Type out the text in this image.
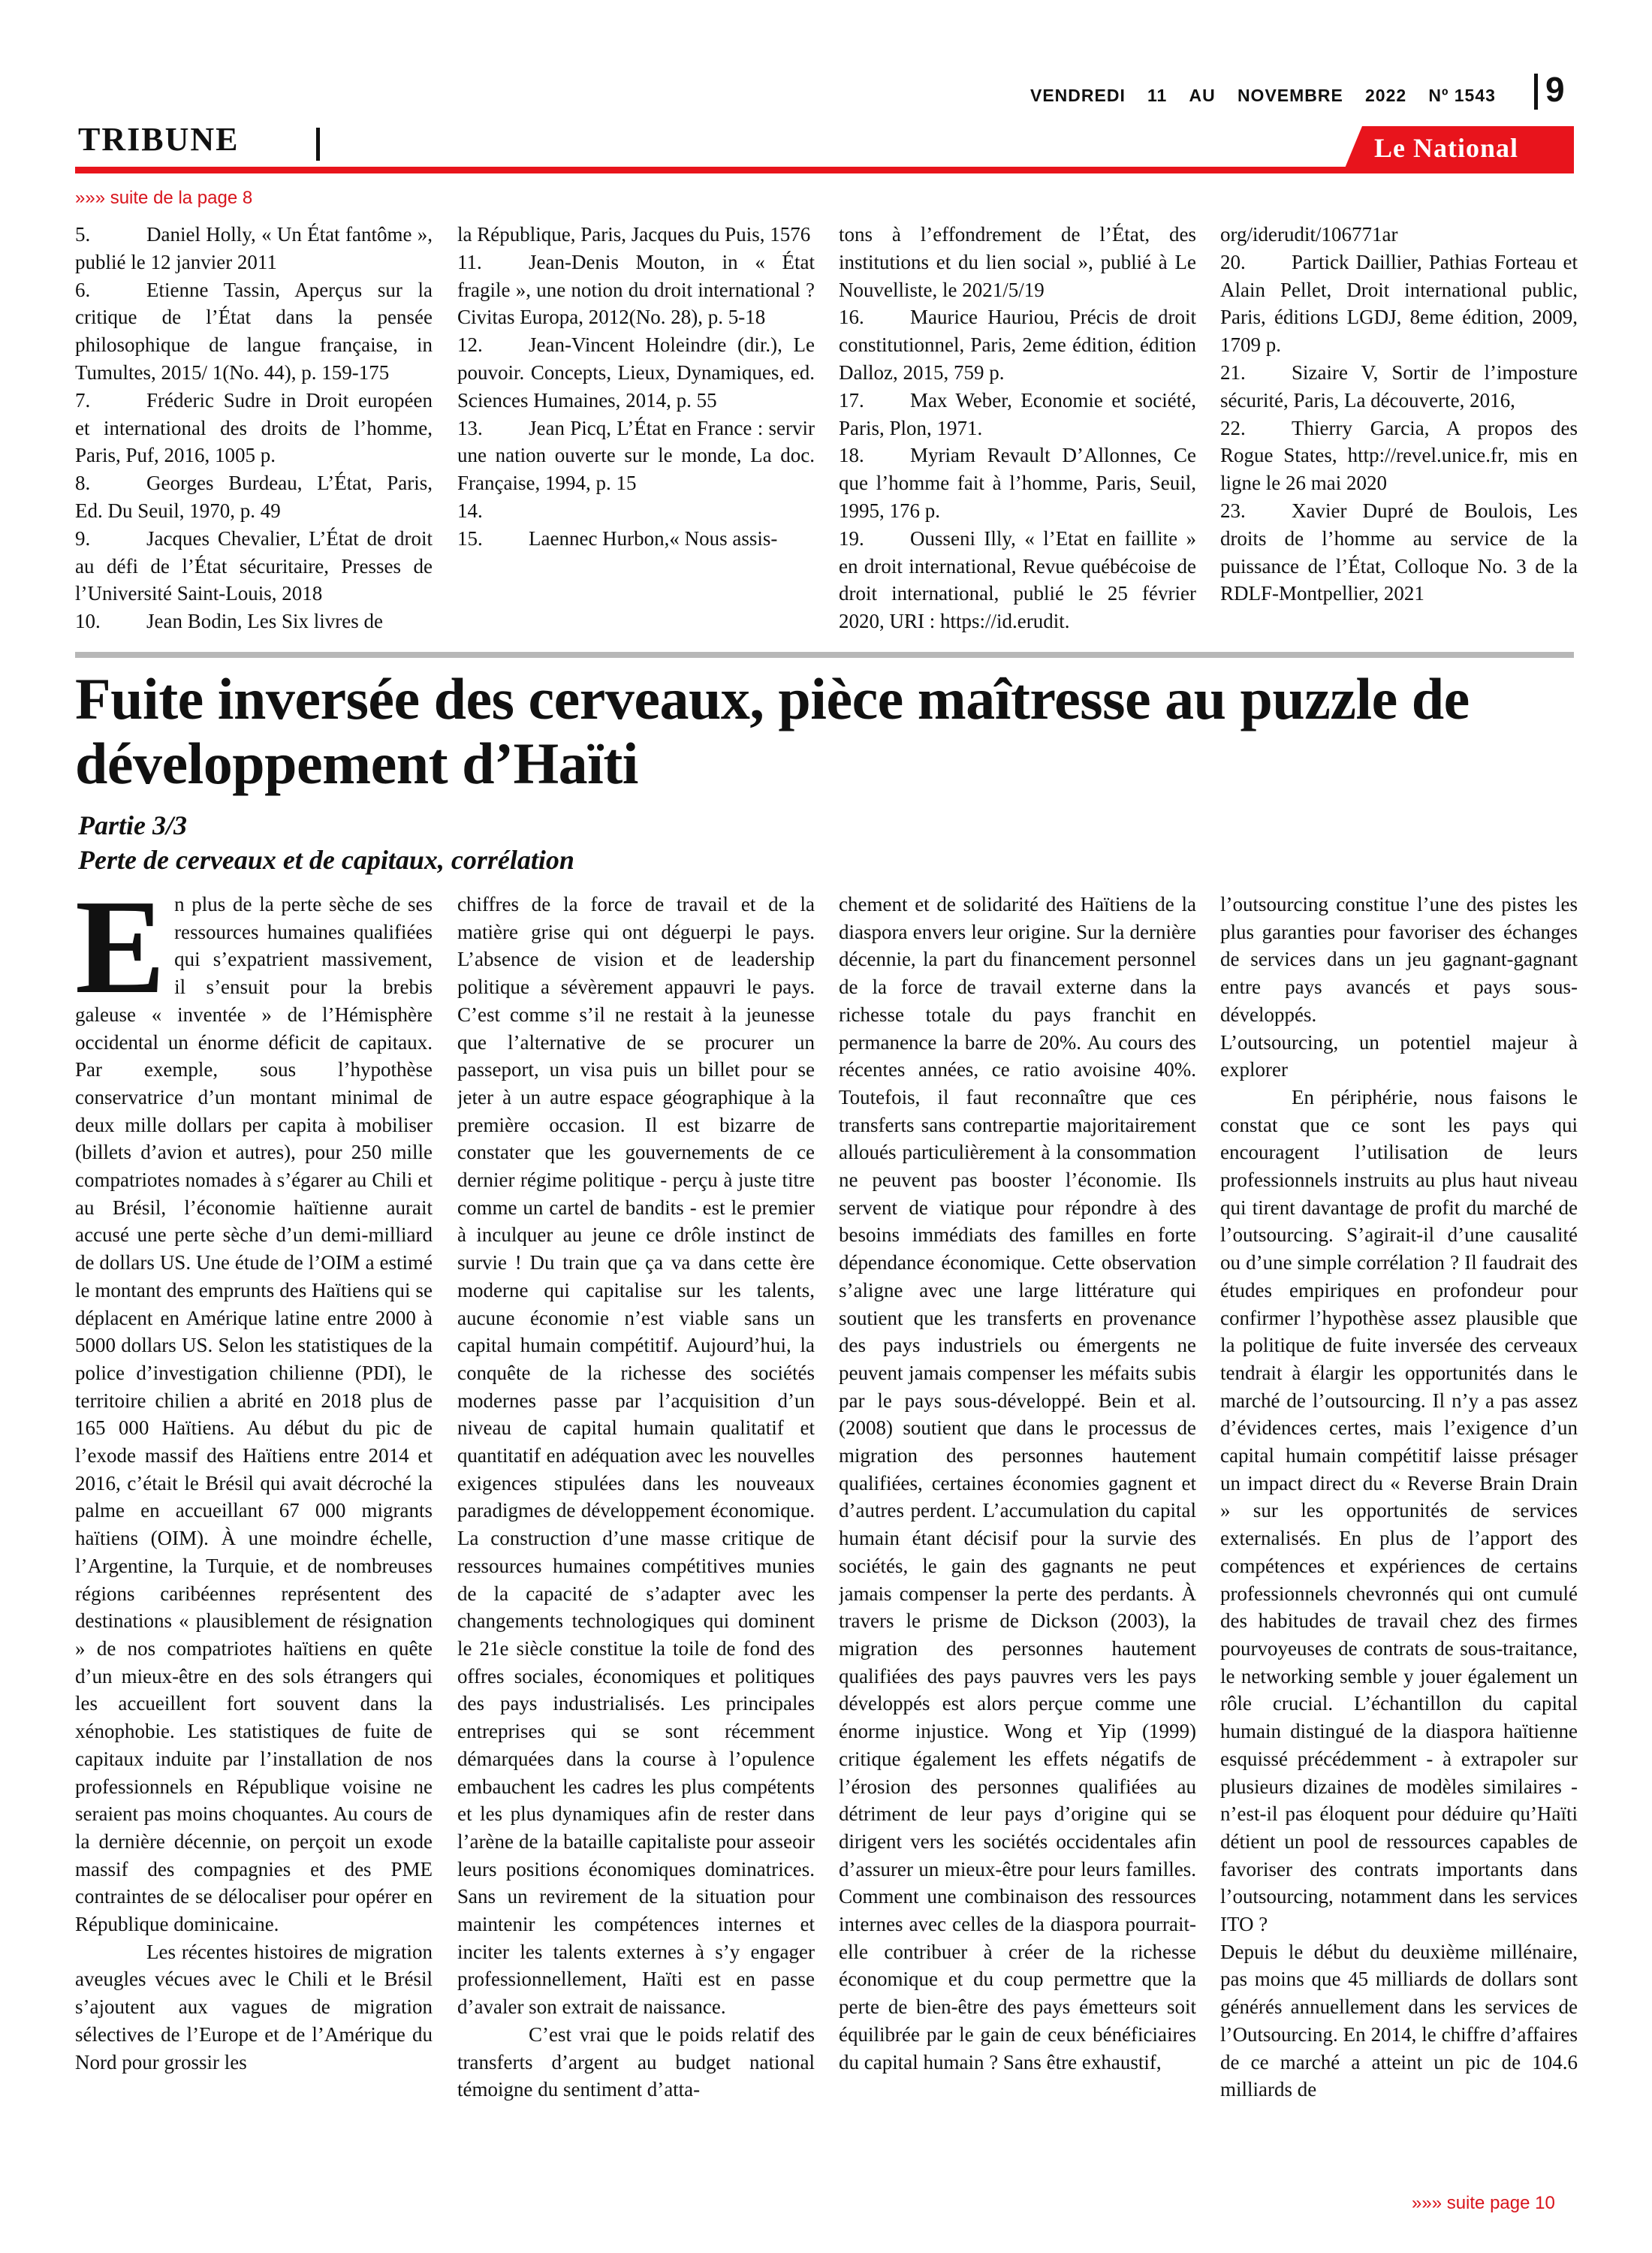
VENDREDI 11 AU NOVEMBRE 2022 Nº 1543 9
TRIBUNE	Le National
»»» suite de la page 8

5.	Daniel Holly, « Un État fantôme », publié le 12 janvier 2011

6.	Etienne Tassin, Aperçus sur la critique de l’État dans la pensée philosophique de langue française, in Tumultes, 2015/ 1(No. 44), p. 159-175

7.	Fréderic Sudre in Droit européen et international des droits de l’homme, Paris, Puf, 2016, 1005 p.

8.	Georges Burdeau, L’État, Paris, Ed. Du Seuil, 1970, p. 49

9.	Jacques Chevalier, L’État de droit au défi de l’État sécuritaire, Presses de l’Université Saint-Louis, 2018

10. Jean Bodin, Les Six livres de

la République, Paris, Jacques du Puis, 1576

11. Jean-Denis Mouton, in « État fragile », une notion du droit international ?Civitas Europa, 2012(No. 28), p. 5-18

12. Jean-Vincent Holeindre (dir.), Le pouvoir. Concepts, Lieux, Dynamiques, ed. Sciences Humaines, 2014, p. 55

13. Jean Picq, L’État en France : servir une nation ouverte sur le monde, La doc. Française, 1994, p. 15

14.

15. Laennec Hurbon,« Nous assis-

tons à l’effondrement de l’État, des institutions et du lien social », publié à Le Nouvelliste, le 2021/5/19

16. Maurice Hauriou, Précis de droit constitutionnel, Paris, 2eme édition, édition Dalloz, 2015, 759 p.

17. Max Weber, Economie et société, Paris, Plon, 1971.

18. Myriam Revault D’Allonnes, Ce que l’homme fait à l’homme, Paris, Seuil, 1995, 176 p.

19. Ousseni Illy, « l’Etat en faillite » en droit international, Revue québécoise de droit international, publié le 25 février 2020, URI : https://id.erudit.

org/iderudit/106771ar

20. Partick Daillier, Pathias Forteau et Alain Pellet, Droit international public, Paris, éditions LGDJ, 8eme édition, 2009, 1709 p.

21. Sizaire V, Sortir de l’imposture sécurité, Paris, La découverte, 2016,

22. Thierry Garcia, A propos des Rogue States, http://revel.unice.fr, mis en ligne le 26 mai 2020

23. Xavier Dupré de Boulois, Les droits de l’homme au service de la puissance de l’État, Colloque No. 3 de la RDLF-Montpellier, 2021

Fuite inversée des cerveaux, pièce maîtresse au puzzle de développement d’Haïti
Partie 3/3
Perte de cerveaux et de capitaux, corrélation

En plus de la perte sèche de ses ressources humaines qualifiées qui s’expatrient massivement, il s’ensuit pour la brebis galeuse « inventée » de l’Hémisphère occidental un énorme déficit de capitaux. Par exemple, sous l’hypothèse conservatrice d’un montant minimal de deux mille dollars per capita à mobiliser (billets d’avion et autres), pour 250 mille compatriotes nomades à s’égarer au Chili et au Brésil, l’économie haïtienne aurait accusé une perte sèche d’un demi-milliard de dollars US. Une étude de l’OIM a estimé le montant des emprunts des Haïtiens qui se déplacent en Amérique latine entre 2000 à 5000 dollars US. Selon les statistiques de la police d’investigation chilienne (PDI), le territoire chilien a abrité en 2018 plus de 165 000 Haïtiens. Au début du pic de l’exode massif des Haïtiens entre 2014 et 2016, c’était le Brésil qui avait décroché la palme en accueillant 67 000 migrants haïtiens (OIM). À une moindre échelle, l’Argentine, la Turquie, et de nombreuses régions caribéennes représentent des destinations « plausiblement de résignation » de nos compatriotes haïtiens en quête d’un mieux-être en des sols étrangers qui les accueillent fort souvent dans la xénophobie. Les statistiques de fuite de capitaux induite par l’installation de nos professionnels en République voisine ne seraient pas moins choquantes. Au cours de la dernière décennie, on perçoit un exode massif des compagnies et des PME contraintes de se délocaliser pour opérer en République dominicaine.

Les récentes histoires de migration aveugles vécues avec le Chili et le Brésil s’ajoutent aux vagues de migration sélectives de l’Europe et de l’Amérique du Nord pour grossir les

chiffres de la force de travail et de la matière grise qui ont déguerpi le pays. L’absence de vision et de leadership politique a sévèrement appauvri le pays. C’est comme s’il ne restait à la jeunesse que l’alternative de se procurer un passeport, un visa puis un billet pour se jeter à un autre espace géographique à la première occasion. Il est bizarre de constater que les gouvernements de ce dernier régime politique - perçu à juste titre comme un cartel de bandits - est le premier à inculquer au jeune ce drôle instinct de survie ! Du train que ça va dans cette ère moderne qui capitalise sur les talents, aucune économie n’est viable sans un capital humain compétitif. Aujourd’hui, la conquête de la richesse des sociétés modernes passe par l’acquisition d’un niveau de capital humain qualitatif et quantitatif en adéquation avec les nouvelles exigences stipulées dans les nouveaux paradigmes de développement économique. La construction d’une masse critique de ressources humaines compétitives munies de la capacité de s’adapter avec les changements technologiques qui dominent le 21e siècle constitue la toile de fond des offres sociales, économiques et politiques des pays industrialisés. Les principales entreprises qui se sont récemment démarquées dans la course à l’opulence embauchent les cadres les plus compétents et les plus dynamiques afin de rester dans l’arène de la bataille capitaliste pour asseoir leurs positions économiques dominatrices. Sans un revirement de la situation pour maintenir les compétences internes et inciter les talents externes à s’y engager professionnellement, Haïti est en passe d’avaler son extrait de naissance.

C’est vrai que le poids relatif des transferts d’argent au budget national témoigne du sentiment d’atta-

chement et de solidarité des Haïtiens de la diaspora envers leur origine. Sur la dernière décennie, la part du financement personnel de la force de travail externe dans la richesse totale du pays franchit en permanence la barre de 20%. Au cours des récentes années, ce ratio avoisine 40%. Toutefois, il faut reconnaître que ces transferts sans contrepartie majoritairement alloués particulièrement à la consommation ne peuvent pas booster l’économie. Ils servent de viatique pour répondre à des besoins immédiats des familles en forte dépendance économique. Cette observation s’aligne avec une large littérature qui soutient que les transferts en provenance des pays industriels ou émergents ne peuvent jamais compenser les méfaits subis par le pays sous-développé. Bein et al. (2008) soutient que dans le processus de migration des personnes hautement qualifiées, certaines économies gagnent et d’autres perdent. L’accumulation du capital humain étant décisif pour la survie des sociétés, le gain des gagnants ne peut jamais compenser la perte des perdants. À travers le prisme de Dickson (2003), la migration des personnes hautement qualifiées des pays pauvres vers les pays développés est alors perçue comme une énorme injustice. Wong et Yip (1999) critique également les effets négatifs de l’érosion des personnes qualifiées au détriment de leur pays d’origine qui se dirigent vers les sociétés occidentales afin d’assurer un mieux-être pour leurs familles. Comment une combinaison des ressources internes avec celles de la diaspora pourrait-elle contribuer à créer de la richesse économique et du coup permettre que la perte de bien-être des pays émetteurs soit équilibrée par le gain de ceux bénéficiaires du capital humain ? Sans être exhaustif,

l’outsourcing constitue l’une des pistes les plus garanties pour favoriser des échanges de services dans un jeu gagnant-gagnant entre pays avancés et pays sous-développés.

L’outsourcing, un potentiel majeur à explorer

En périphérie, nous faisons le constat que ce sont les pays qui encouragent l’utilisation de leurs professionnels instruits au plus haut niveau qui tirent davantage de profit du marché de l’outsourcing. S’agirait-il d’une causalité ou d’une simple corrélation ? Il faudrait des études empiriques en profondeur pour confirmer l’hypothèse assez plausible que la politique de fuite inversée des cerveaux tendrait à élargir les opportunités dans le marché de l’outsourcing. Il n’y a pas assez d’évidences certes, mais l’exigence d’un capital humain compétitif laisse présager un impact direct du « Reverse Brain Drain » sur les opportunités de services externalisés. En plus de l’apport des compétences et expériences de certains professionnels chevronnés qui ont cumulé des habitudes de travail chez des firmes pourvoyeuses de contrats de sous-traitance, le networking semble y jouer également un rôle crucial. L’échantillon du capital humain distingué de la diaspora haïtienne esquissé précédemment - à extrapoler sur plusieurs dizaines de modèles similaires - n’est-il pas éloquent pour déduire qu’Haïti détient un pool de ressources capables de favoriser des contrats importants dans l’outsourcing, notamment dans les services ITO ?

Depuis le début du deuxième millénaire, pas moins que 45 milliards de dollars sont générés annuellement dans les services de l’Outsourcing. En 2014, le chiffre d’affaires de ce marché a atteint un pic de 104.6 milliards de

»»» suite page 10
